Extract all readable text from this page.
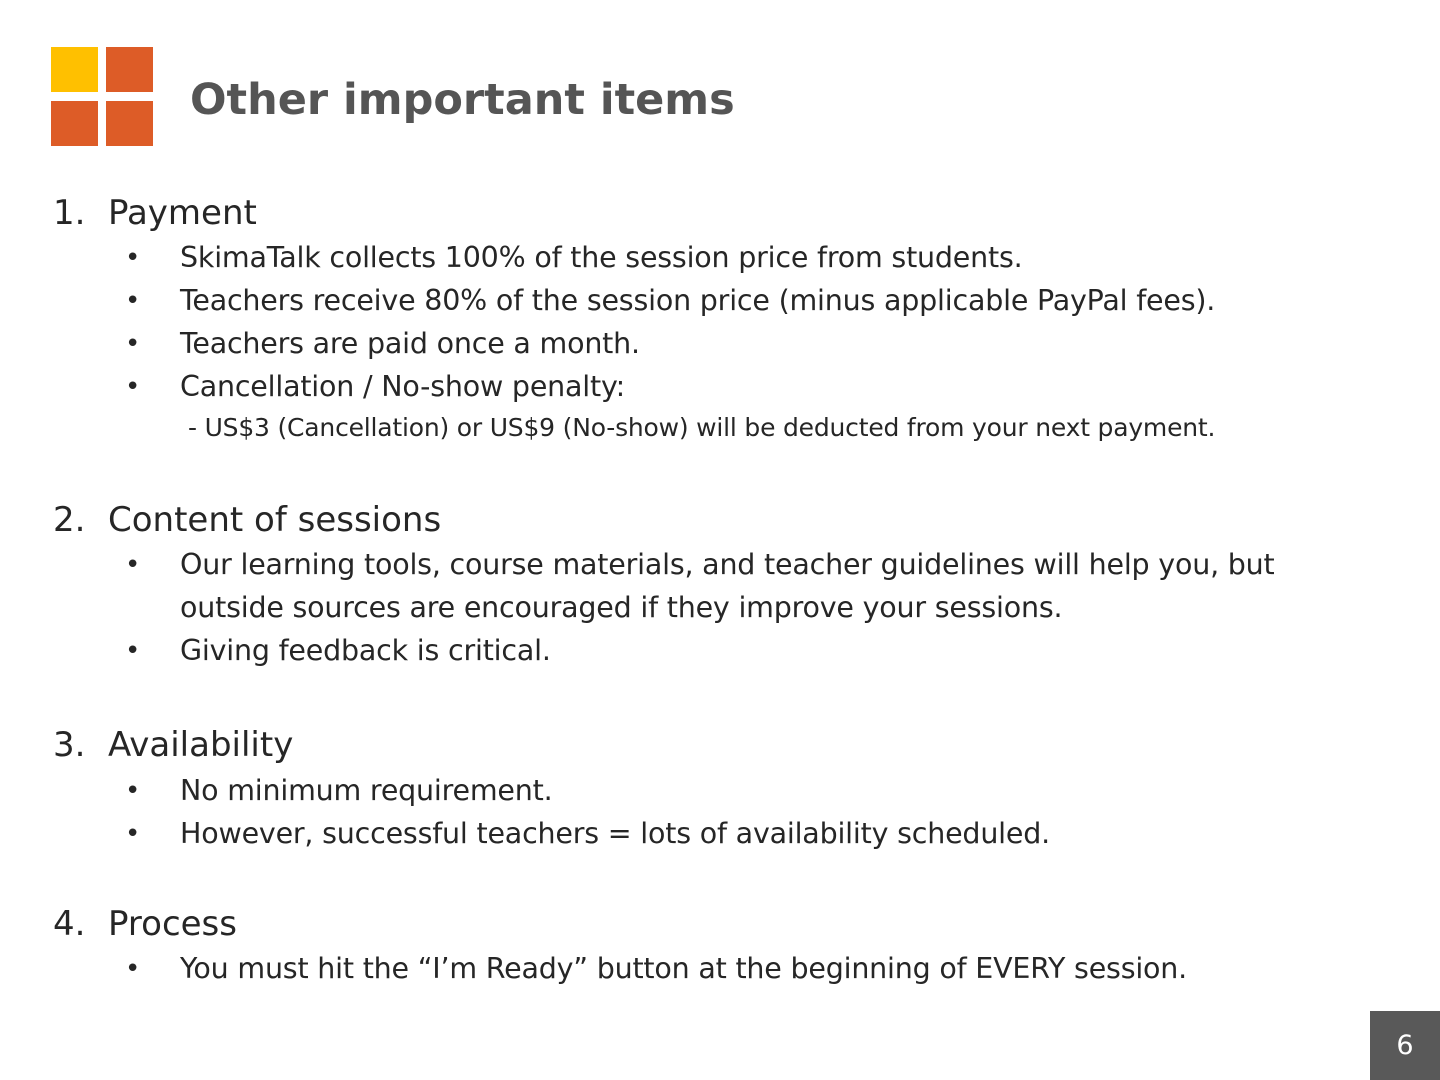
Other important items
1. Payment
• SkimaTalk collects 100% of the session price from students.
• Teachers receive 80% of the session price (minus applicable PayPal fees).
• Teachers are paid once a month.
• Cancellation / No-show penalty:
- US$3 (Cancellation) or US$9 (No-show) will be deducted from your next payment.
2. Content of sessions
• Our learning tools, course materials, and teacher guidelines will help you, but
outside sources are encouraged if they improve your sessions.
• Giving feedback is critical.
3. Availability
• No minimum requirement.
• However, successful teachers = lots of availability scheduled.
4. Process
• You must hit the “I’m Ready” button at the beginning of EVERY session.
6
